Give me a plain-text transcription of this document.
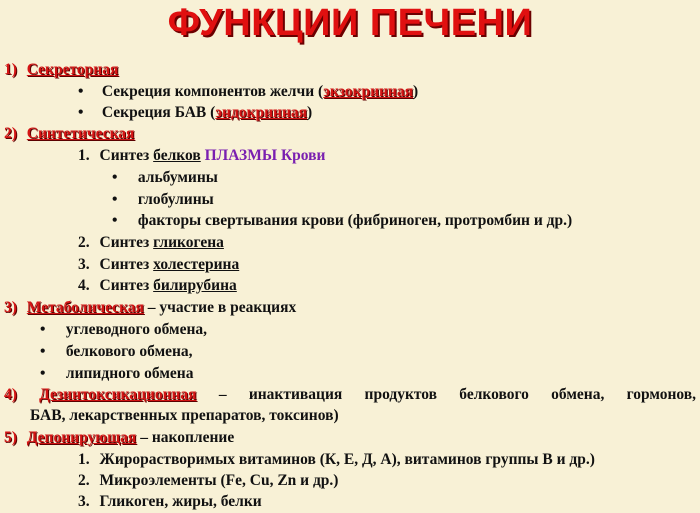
ФУНКЦИИ ПЕЧЕНИ
1) Секреторная
• Секреция компонентов желчи (экзокринная)
• Секреция БАВ (эндокринная)
2) Синтетическая
1. Синтез белков ПЛАЗМЫ Крови
• альбумины
• глобулины
• факторы свертывания крови (фибриноген, протромбин и др.)
2. Синтез гликогена
3. Синтез холестерина
4. Синтез билирубина
3) Метаболическая – участие в реакциях
• углеводного обмена,
• белкового обмена,
• липидного обмена
4) Дезинтоксикационная – инактивация продуктов белкового обмена, гормонов,
БАВ, лекарственных препаратов, токсинов)
5) Депонирующая – накопление
1. Жирорастворимых витаминов (К, Е, Д, А), витаминов группы В и др.)
2. Микроэлементы (Fe, Cu, Zn и др.)
3. Гликоген, жиры, белки
